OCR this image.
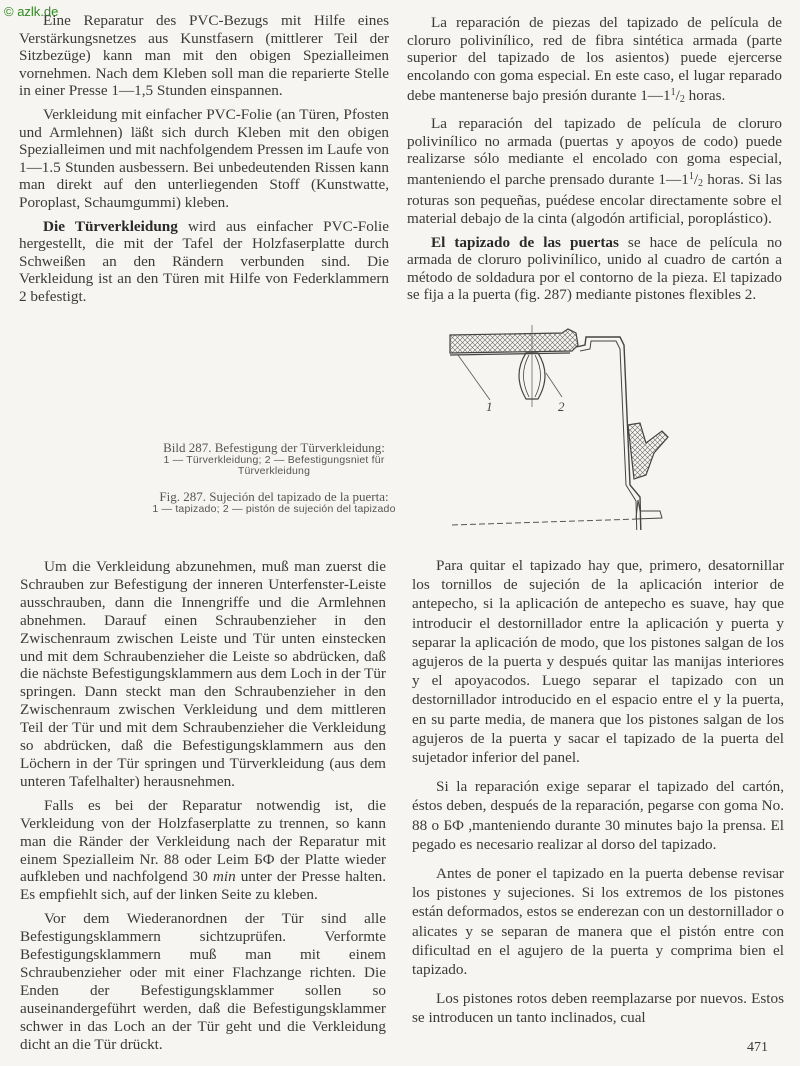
© azlk.de

Eine Reparatur des PVC-Bezugs mit Hilfe eines Verstärkungsnetzes aus Kunstfasern (mittlerer Teil der Sitzbezüge) kann man mit den obigen Spezialleimen vornehmen. Nach dem Kleben soll man die reparierte Stelle in einer Presse 1—1,5 Stunden einspannen.

Verkleidung mit einfacher PVC-Folie (an Türen, Pfosten und Armlehnen) läßt sich durch Kleben mit den obigen Spezialleimen und mit nachfolgendem Pressen im Laufe von 1—1.5 Stunden ausbessern. Bei unbedeutenden Rissen kann man direkt auf den unterliegenden Stoff (Kunstwatte, Poroplast, Schaumgummi) kleben.

Die Türverkleidung wird aus einfacher PVC-Folie hergestellt, die mit der Tafel der Holzfaserplatte durch Schweißen an den Rändern verbunden sind. Die Verkleidung ist an den Türen mit Hilfe von Federklammern 2 befestigt.

La reparación de piezas del tapizado de película de cloruro polivinílico, red de fibra sintética armada (parte superior del tapizado de los asientos) puede ejercerse encolando con goma especial. En este caso, el lugar reparado debe mantenerse bajo presión durante $1—1^1/_2$ horas.

La reparación del tapizado de película de cloruro polivinílico no armada (puertas y apoyos de codo) puede realizarse sólo mediante el encolado con goma especial, manteniendo el parche prensado durante $1—1^1/_2$ horas. Si las roturas son pequeñas, puédese encolar directamente sobre el material debajo de la cinta (algodón artificial, poroplástico).

El tapizado de las puertas se hace de película no armada de cloruro polivinílico, unido al cuadro de cartón a método de soldadura por el contorno de la pieza. El tapizado se fija a la puerta (fig. 287) mediante pistones flexibles 2.

1	2
Bild 287. Befestigung der Türverkleidung:
1 — Türverkleidung; 2 — Befestigungsniet für Türverkleidung
Fig. 287. Sujeción del tapizado de la puerta:
1 — tapizado; 2 — pistón de sujeción del tapizado

Um die Verkleidung abzunehmen, muß man zuerst die Schrauben zur Befestigung der inneren Unterfenster-Leiste ausschrauben, dann die Innengriffe und die Armlehnen abnehmen. Darauf einen Schraubenzieher in den Zwischenraum zwischen Leiste und Tür unten einstecken und mit dem Schraubenzieher die Leiste so abdrücken, daß die nächste Befestigungsklammern aus dem Loch in der Tür springen. Dann steckt man den Schraubenzieher in den Zwischenraum zwischen Verkleidung und dem mittleren Teil der Tür und mit dem Schraubenzieher die Verkleidung so abdrücken, daß die Befestigungsklammern aus den Löchern in der Tür springen und Türverkleidung (aus dem unteren Tafelhalter) herausnehmen.

Falls es bei der Reparatur notwendig ist, die Verkleidung von der Holzfaserplatte zu trennen, so kann man die Ränder der Verkleidung nach der Reparatur mit einem Spezialleim Nr. 88 oder Leim БФ der Platte wieder aufkleben und nachfolgend 30 min unter der Presse halten. Es empfiehlt sich, auf der linken Seite zu kleben.

Vor dem Wiederanordnen der Tür sind alle Befestigungsklammern sichtzuprüfen. Verformte Befestigungsklammern muß man mit einem Schraubenzieher oder mit einer Flachzange richten. Die Enden der Befestigungsklammer sollen so auseinandergeführt werden, daß die Befestigungsklammer schwer in das Loch an der Tür geht und die Verkleidung dicht an die Tür drückt.

Para quitar el tapizado hay que, primero, desatornillar los tornillos de sujeción de la aplicación interior de antepecho, si la aplicación de antepecho es suave, hay que introducir el destornillador entre la aplicación y puerta y separar la aplicación de modo, que los pistones salgan de los agujeros de la puerta y después quitar las manijas interiores y el apoyacodos. Luego separar el tapizado con un destornillador introducido en el espacio entre el y la puerta, en su parte media, de manera que los pistones salgan de los agujeros de la puerta y sacar el tapizado de la puerta del sujetador inferior del panel.

Si la reparación exige separar el tapizado del cartón, éstos deben, después de la reparación, pegarse con goma No. 88 o БФ ,manteniendo durante 30 minutes bajo la prensa. El pegado es necesario realizar al dorso del tapizado.

Antes de poner el tapizado en la puerta debense revisar los pistones y sujeciones. Si los extremos de los pistones están deformados, estos se enderezan con un destornillador o alicates y se separan de manera que el pistón entre con dificultad en el agujero de la puerta y comprima bien el tapizado.

Los pistones rotos deben reemplazarse por nuevos. Estos se introducen un tanto inclinados, cual

471
